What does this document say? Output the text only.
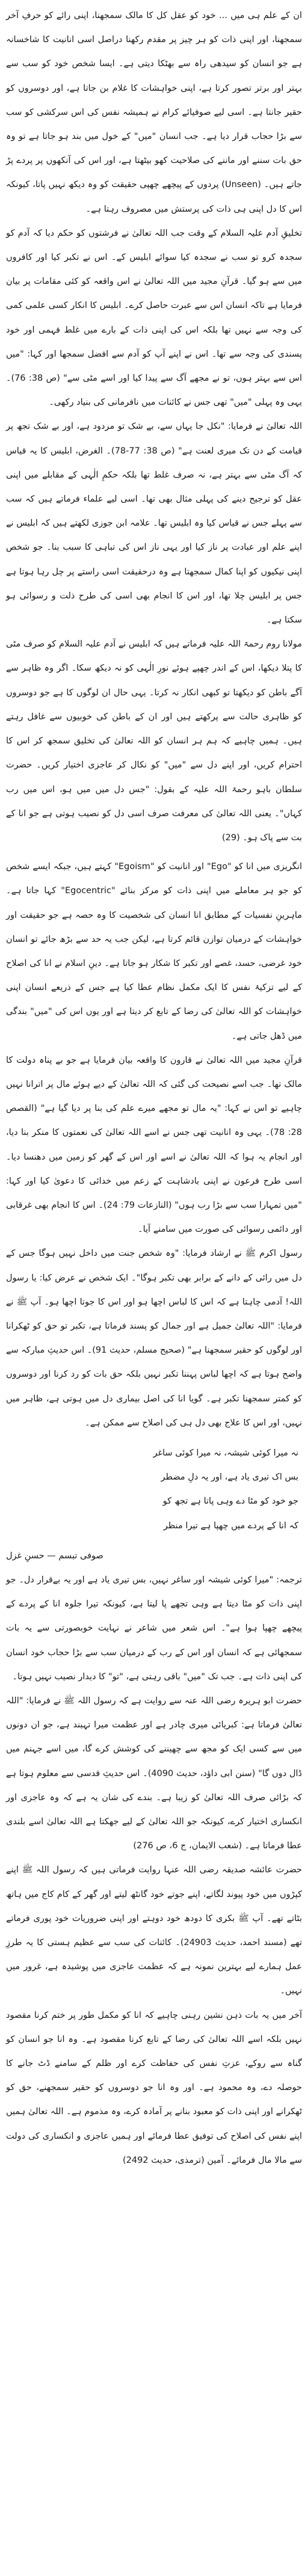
ان کے علم ہی میں ... خود کو عقل کل کا مالک سمجھنا، اپنی رائے کو حرفِ آخر سمجھنا، اور اپنی ذات کو ہر چیز پر مقدم رکھنا دراصل اسی انانیت کا شاخسانہ ہے جو انسان کو سیدھی راہ سے بھٹکا دیتی ہے۔ ایسا شخص خود کو سب سے بہتر اور برتر تصور کرتا ہے، اپنی خواہشات کا غلام بن جاتا ہے، اور دوسروں کو حقیر جانتا ہے۔ اسی لیے صوفیائے کرام نے ہمیشہ نفس کی اس سرکشی کو سب سے بڑا حجاب قرار دیا ہے۔ جب انسان "میں" کے خول میں بند ہو جاتا ہے تو وہ حق بات سننے اور ماننے کی صلاحیت کھو بیٹھتا ہے، اور اس کی آنکھوں پر پردے پڑ جاتے ہیں۔ (Unseen) پردوں کے پیچھے چھپی حقیقت کو وہ دیکھ نہیں پاتا، کیونکہ اس کا دل اپنی ہی ذات کی پرستش میں مصروف رہتا ہے۔

تخلیقِ آدم علیہ السلام کے وقت جب اللہ تعالیٰ نے فرشتوں کو حکم دیا کہ آدم کو سجدہ کرو تو سب نے سجدہ کیا سوائے ابلیس کے۔ اس نے تکبر کیا اور کافروں میں سے ہو گیا۔ قرآنِ مجید میں اللہ تعالیٰ نے اس واقعہ کو کئی مقامات پر بیان فرمایا ہے تاکہ انسان اس سے عبرت حاصل کرے۔ ابلیس کا انکار کسی علمی کمی کی وجہ سے نہیں تھا بلکہ اس کی اپنی ذات کے بارے میں غلط فہمی اور خود پسندی کی وجہ سے تھا۔ اس نے اپنے آپ کو آدم سے افضل سمجھا اور کہا: "میں اس سے بہتر ہوں، تو نے مجھے آگ سے پیدا کیا اور اسے مٹی سے" (ص 38: 76)۔ یہی وہ پہلی "میں" تھی جس نے کائنات میں نافرمانی کی بنیاد رکھی۔

اللہ تعالیٰ نے فرمایا: "نکل جا یہاں سے، بے شک تو مردود ہے، اور بے شک تجھ پر قیامت کے دن تک میری لعنت ہے" (ص 38: 77-78)۔ الغرض، ابلیس کا یہ قیاس کہ آگ مٹی سے بہتر ہے، نہ صرف غلط تھا بلکہ حکمِ الٰہی کے مقابلے میں اپنی عقل کو ترجیح دینے کی پہلی مثال بھی تھا۔ اسی لیے علماء فرماتے ہیں کہ سب سے پہلے جس نے قیاس کیا وہ ابلیس تھا۔ علامہ ابن جوزی لکھتے ہیں کہ ابلیس نے اپنے علم اور عبادت پر ناز کیا اور یہی ناز اس کی تباہی کا سبب بنا۔ جو شخص اپنی نیکیوں کو اپنا کمال سمجھتا ہے وہ درحقیقت اسی راستے پر چل رہا ہوتا ہے جس پر ابلیس چلا تھا، اور اس کا انجام بھی اسی کی طرح ذلت و رسوائی ہو سکتا ہے۔

مولانا روم رحمۃ اللہ علیہ فرماتے ہیں کہ ابلیس نے آدم علیہ السلام کو صرف مٹی کا پتلا دیکھا، اس کے اندر چھپے ہوئے نورِ الٰہی کو نہ دیکھ سکا۔ اگر وہ ظاہر سے آگے باطن کو دیکھتا تو کبھی انکار نہ کرتا۔ یہی حال ان لوگوں کا ہے جو دوسروں کو ظاہری حالت سے پرکھتے ہیں اور ان کے باطن کی خوبیوں سے غافل رہتے ہیں۔ ہمیں چاہیے کہ ہم ہر انسان کو اللہ تعالیٰ کی تخلیق سمجھ کر اس کا احترام کریں، اور اپنے دل سے "میں" کو نکال کر عاجزی اختیار کریں۔ حضرت سلطان باہو رحمۃ اللہ علیہ کے بقول: "جس دل میں میں ہو، اس میں رب کہاں"۔ یعنی اللہ تعالیٰ کی معرفت صرف اسی دل کو نصیب ہوتی ہے جو انا کے بت سے پاک ہو۔ (29)

انگریزی میں انا کو "Ego" اور انانیت کو "Egoism" کہتے ہیں، جبکہ ایسے شخص کو جو ہر معاملے میں اپنی ذات کو مرکز بنائے "Egocentric" کہا جاتا ہے۔ ماہرینِ نفسیات کے مطابق انا انسان کی شخصیت کا وہ حصہ ہے جو حقیقت اور خواہشات کے درمیان توازن قائم کرتا ہے، لیکن جب یہ حد سے بڑھ جائے تو انسان خود غرضی، حسد، غصے اور تکبر کا شکار ہو جاتا ہے۔ دینِ اسلام نے انا کی اصلاح کے لیے تزکیۂ نفس کا ایک مکمل نظام عطا کیا ہے جس کے ذریعے انسان اپنی خواہشات کو اللہ تعالیٰ کی رضا کے تابع کر دیتا ہے اور یوں اس کی "میں" بندگی میں ڈھل جاتی ہے۔

قرآنِ مجید میں اللہ تعالیٰ نے قارون کا واقعہ بیان فرمایا ہے جو بے پناہ دولت کا مالک تھا۔ جب اسے نصیحت کی گئی کہ اللہ تعالیٰ کے دیے ہوئے مال پر اترانا نہیں چاہیے تو اس نے کہا: "یہ مال تو مجھے میرے علم کی بنا پر دیا گیا ہے" (القصص 28: 78)۔ یہی وہ انانیت تھی جس نے اسے اللہ تعالیٰ کی نعمتوں کا منکر بنا دیا، اور انجام یہ ہوا کہ اللہ تعالیٰ نے اسے اور اس کے گھر کو زمین میں دھنسا دیا۔ اسی طرح فرعون نے اپنی بادشاہت کے زعم میں خدائی کا دعویٰ کیا اور کہا: "میں تمہارا سب سے بڑا رب ہوں" (النازعات 79: 24)۔ اس کا انجام بھی غرقابی اور دائمی رسوائی کی صورت میں سامنے آیا۔

رسول اکرم ﷺ نے ارشاد فرمایا: "وہ شخص جنت میں داخل نہیں ہوگا جس کے دل میں رائی کے دانے کے برابر بھی تکبر ہوگا"۔ ایک شخص نے عرض کیا: یا رسول اللہ! آدمی چاہتا ہے کہ اس کا لباس اچھا ہو اور اس کا جوتا اچھا ہو۔ آپ ﷺ نے فرمایا: "اللہ تعالیٰ جمیل ہے اور جمال کو پسند فرماتا ہے، تکبر تو حق کو ٹھکرانا اور لوگوں کو حقیر سمجھنا ہے" (صحیح مسلم، حدیث 91)۔ اس حدیثِ مبارکہ سے واضح ہوتا ہے کہ اچھا لباس پہننا تکبر نہیں بلکہ حق بات کو رد کرنا اور دوسروں کو کمتر سمجھنا تکبر ہے۔ گویا انا کی اصل بیماری دل میں ہوتی ہے، ظاہر میں نہیں، اور اس کا علاج بھی دل ہی کی اصلاح سے ممکن ہے۔

نہ میرا کوئی شیشہ، نہ میرا کوئی ساغر
بس اک تیری یاد ہے، اور یہ دلِ مضطر
جو خود کو مٹا دے وہی پاتا ہے تجھ کو
کہ انا کے پردے میں چھپا ہے تیرا منظر

صوفی تبسم — حسنِ غزل

ترجمہ: "میرا کوئی شیشہ اور ساغر نہیں، بس تیری یاد ہے اور یہ بےقرار دل۔ جو اپنی ذات کو مٹا دیتا ہے وہی تجھے پا لیتا ہے، کیونکہ تیرا جلوہ انا کے پردے کے پیچھے چھپا ہوا ہے"۔ اس شعر میں شاعر نے نہایت خوبصورتی سے یہ بات سمجھائی ہے کہ انسان اور اس کے رب کے درمیان سب سے بڑا حجاب خود انسان کی اپنی ذات ہے۔ جب تک "میں" باقی رہتی ہے، "تو" کا دیدار نصیب نہیں ہوتا۔

حضرت ابو ہریرہ رضی اللہ عنہ سے روایت ہے کہ رسول اللہ ﷺ نے فرمایا: "اللہ تعالیٰ فرماتا ہے: کبریائی میری چادر ہے اور عظمت میرا تہبند ہے، جو ان دونوں میں سے کسی ایک کو مجھ سے چھیننے کی کوشش کرے گا، میں اسے جہنم میں ڈال دوں گا" (سنن ابی داؤد، حدیث 4090)۔ اس حدیثِ قدسی سے معلوم ہوتا ہے کہ بڑائی صرف اللہ تعالیٰ کو زیبا ہے۔ بندے کی شان یہ ہے کہ وہ عاجزی اور انکساری اختیار کرے، کیونکہ جو اللہ تعالیٰ کے لیے جھکتا ہے اللہ تعالیٰ اسے بلندی عطا فرماتا ہے۔ (شعب الایمان، ج 6، ص 276)

حضرت عائشہ صدیقہ رضی اللہ عنہا روایت فرماتی ہیں کہ رسول اللہ ﷺ اپنے کپڑوں میں خود پیوند لگاتے، اپنے جوتے خود گانٹھ لیتے اور گھر کے کام کاج میں ہاتھ بٹاتے تھے۔ آپ ﷺ بکری کا دودھ خود دوہتے اور اپنی ضروریات خود پوری فرماتے تھے (مسند احمد، حدیث 24903)۔ کائنات کی سب سے عظیم ہستی کا یہ طرزِ عمل ہمارے لیے بہترین نمونہ ہے کہ عظمت عاجزی میں پوشیدہ ہے، غرور میں نہیں۔

آخر میں یہ بات ذہن نشین رہنی چاہیے کہ انا کو مکمل طور پر ختم کرنا مقصود نہیں بلکہ اسے اللہ تعالیٰ کی رضا کے تابع کرنا مقصود ہے۔ وہ انا جو انسان کو گناہ سے روکے، عزتِ نفس کی حفاظت کرے اور ظلم کے سامنے ڈٹ جانے کا حوصلہ دے، وہ محمود ہے۔ اور وہ انا جو دوسروں کو حقیر سمجھنے، حق کو ٹھکرانے اور اپنی ذات کو معبود بنانے پر آمادہ کرے، وہ مذموم ہے۔ اللہ تعالیٰ ہمیں اپنے نفس کی اصلاح کی توفیق عطا فرمائے اور ہمیں عاجزی و انکساری کی دولت سے مالا مال فرمائے۔ آمین (ترمذی، حدیث 2492)
